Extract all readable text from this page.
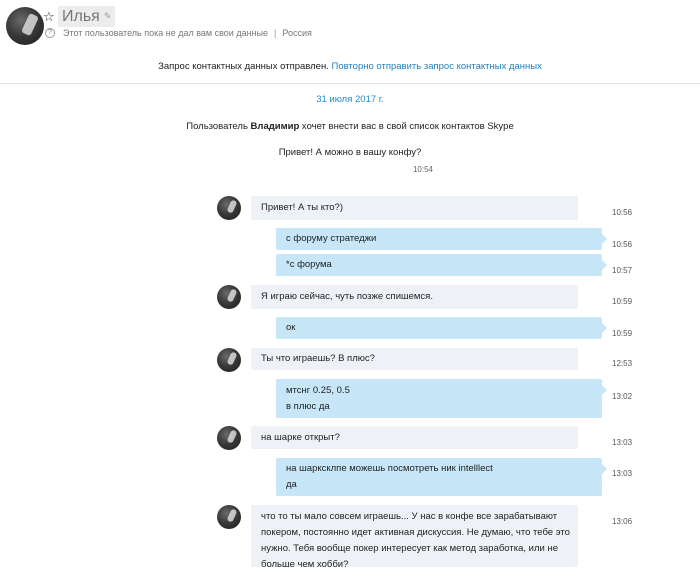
☆ Илья ✎
?	Этот пользователь пока не дал вам свои данные | Россия
Запрос контактных данных отправлен. Повторно отправить запрос контактных данных
31 июля 2017 г.
Пользователь Владимир хочет внести вас в свой список контактов Skype
Привет! А можно в вашу конфу?
10:54
Привет! А ты кто?)	10:56
с форуму стратеджи
10:56
*с форума
10:57
Я играю сейчас, чуть позже спишемся.	10:59
ок
10:59
Ты что играешь? В плюс?	12:53
мтснг 0.25, 0.5
в плюс да
13:02
на шарке открыт?	13:03
на шарксклпе можешь посмотреть ник intelllect
да
13:03
что то ты мало совсем играешь... У нас в конфе все зарабатывают
покером, постоянно идет активная дискуссия. Не думаю, что тебе это
нужно. Тебя вообще покер интересует как метод заработка, или не
больше чем хобби?
13:06
